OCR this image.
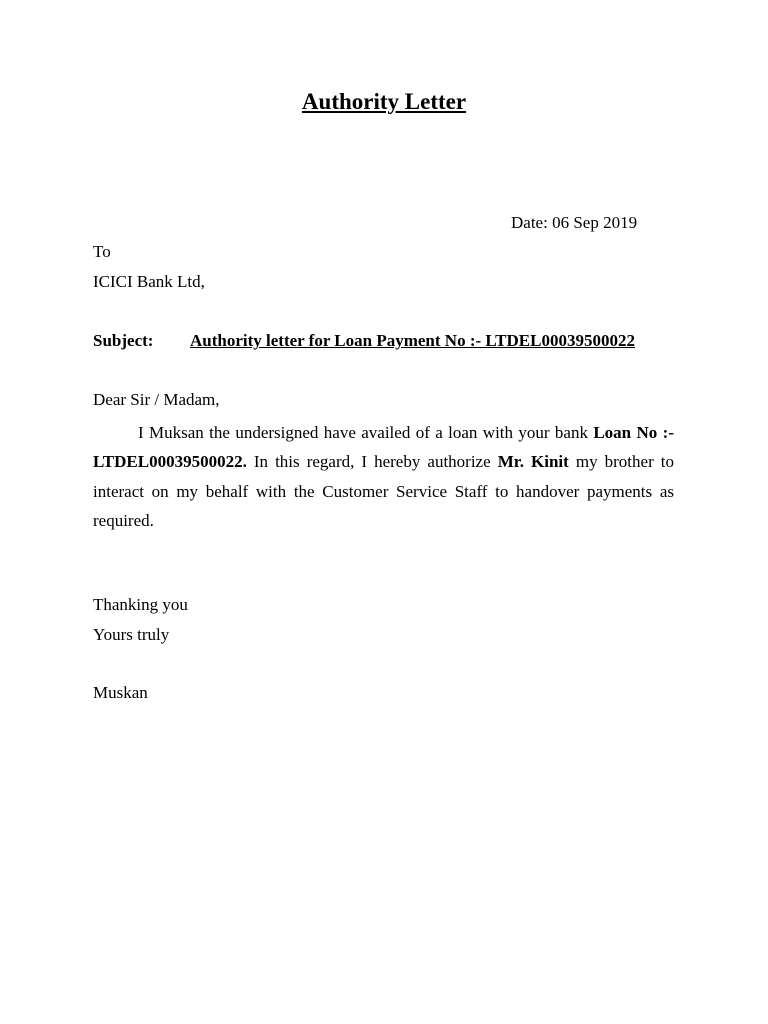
Authority Letter
Date: 06 Sep 2019
To
ICICI Bank Ltd,
Subject: Authority letter for Loan Payment No :- LTDEL00039500022
Dear Sir / Madam,
I Muksan the undersigned have availed of a loan with your bank Loan No :- LTDEL00039500022. In this regard, I hereby authorize Mr. Kinit my brother to interact on my behalf with the Customer Service Staff to handover payments as required.
Thanking you
Yours truly
Muskan
